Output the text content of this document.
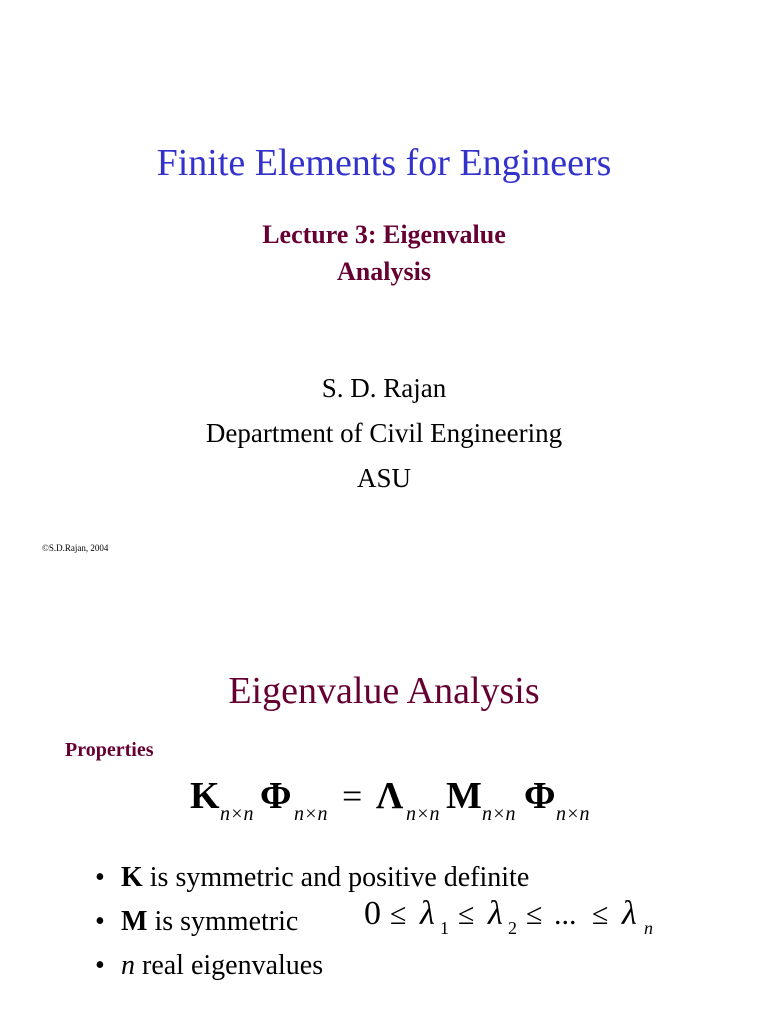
Finite Elements for Engineers
Lecture 3: Eigenvalue
Analysis
S. D. Rajan
Department of Civil Engineering
ASU
©S.D.Rajan, 2004
Eigenvalue Analysis
Properties
K n×n Φ n×n = Λ n×n M n×n Φ n×n
• K is symmetric and positive definite
• M is symmetric
• n real eigenvalues
0 ≤ λ 1 ≤ λ 2 ≤ ... ≤ λ n
